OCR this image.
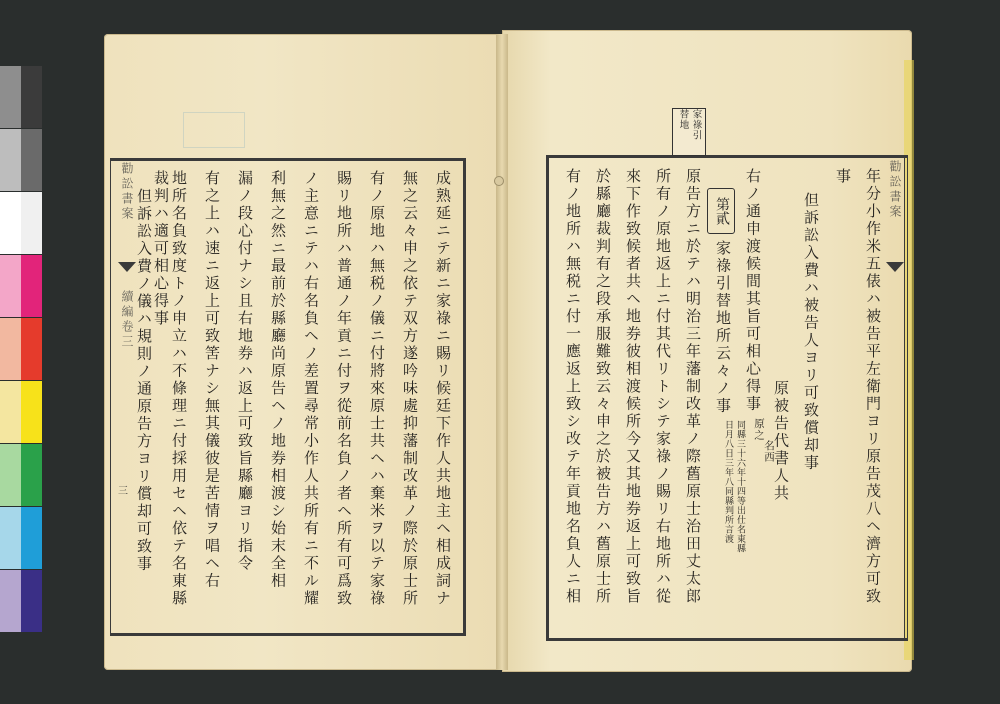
勸訟書案
續編卷三
三	成熟延ニテ新ニ家祿ニ賜リ候廷下作人共地主ヘ相成詞ナ
無之云々申之依テ双方遂吟味處抑藩制改革ノ際於原士所
有ノ原地ハ無税ノ儀ニ付將來原士共ヘハ棄米ヲ以テ家祿
賜リ地所ハ普通ノ年貢ニ付ヲ從前名負ノ者ヘ所有可爲致
ノ主意ニテハ右名負ヘノ差置尋常小作人共所有ニ不ル耀
利無之然ニ最前於縣廳尚原告ヘノ地券相渡シ始末全相
漏ノ段心付ナシ且右地券ハ返上可致旨縣廳ヨリ指令
有之上ハ速ニ返上可致筈ナシ無其儀彼是苦情ヲ唱ヘ右
地所名負致度トノ申立ハ不條理ニ付採用セヘ依テ名東縣
裁判ハ適可相心得事
但訴訟入費ノ儀ハ規則ノ通原告方ヨリ償却可致事	勸訟書案
家祿引
替地
第貳	年分小作米五俵ハ被告平左衛門ヨリ原告茂八ヘ濟方可致
事
但訴訟入費ハ被告人ヨリ可致償却事
原被告代書人共
右ノ通申渡候間其旨可相心得事
家祿引替地所云々ノ事
原告方ニ於テハ明治三年藩制改革ノ際舊原士治田丈太郎
所有ノ原地返上ニ付其代リトシテ家祿ノ賜リ右地所ハ從
來下作致候者共ヘ地券彼相渡候所今又其地券返上可致旨
於縣廳裁判有之段承服難致云々申之於被告方ハ舊原士所
有ノ地所ハ無税ニ付一應返上致シ改テ年貢地名負人ニ相	名西
原之
同縣三十六年十四等出仕名東縣
日月八日三年八同縣判所言渡
